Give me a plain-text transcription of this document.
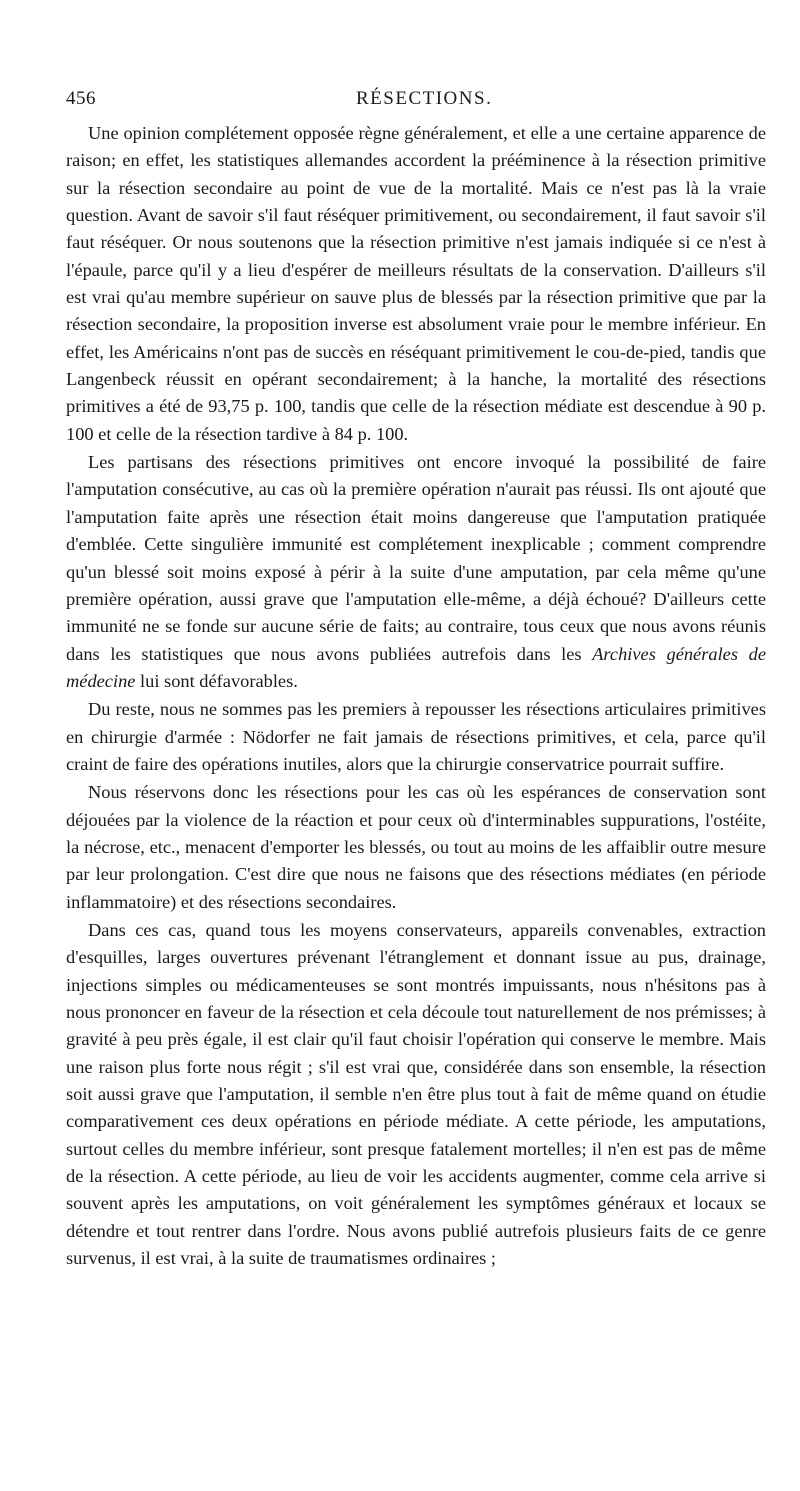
456	RÉSECTIONS.

Une opinion complétement opposée règne généralement, et elle a une certaine apparence de raison; en effet, les statistiques allemandes accordent la prééminence à la résection primitive sur la résection secondaire au point de vue de la mortalité. Mais ce n'est pas là la vraie question. Avant de savoir s'il faut réséquer primitivement, ou secondairement, il faut savoir s'il faut réséquer. Or nous soutenons que la résection primitive n'est jamais indiquée si ce n'est à l'épaule, parce qu'il y a lieu d'espérer de meilleurs résultats de la conservation. D'ailleurs s'il est vrai qu'au membre supérieur on sauve plus de blessés par la résection primitive que par la résection secondaire, la proposition inverse est absolument vraie pour le membre inférieur. En effet, les Américains n'ont pas de succès en réséquant primitivement le cou-de-pied, tandis que Langenbeck réussit en opérant secondairement; à la hanche, la mortalité des résections primitives a été de 93,75 p. 100, tandis que celle de la résection médiate est descendue à 90 p. 100 et celle de la résection tardive à 84 p. 100.

Les partisans des résections primitives ont encore invoqué la possibilité de faire l'amputation consécutive, au cas où la première opération n'aurait pas réussi. Ils ont ajouté que l'amputation faite après une résection était moins dangereuse que l'amputation pratiquée d'emblée. Cette singulière immunité est complétement inexplicable ; comment comprendre qu'un blessé soit moins exposé à périr à la suite d'une amputation, par cela même qu'une première opération, aussi grave que l'amputation elle-même, a déjà échoué? D'ailleurs cette immunité ne se fonde sur aucune série de faits; au contraire, tous ceux que nous avons réunis dans les statistiques que nous avons publiées autrefois dans les Archives générales de médecine lui sont défavorables.

Du reste, nous ne sommes pas les premiers à repousser les résections articulaires primitives en chirurgie d'armée : Nödorfer ne fait jamais de résections primitives, et cela, parce qu'il craint de faire des opérations inutiles, alors que la chirurgie conservatrice pourrait suffire.

Nous réservons donc les résections pour les cas où les espérances de conservation sont déjouées par la violence de la réaction et pour ceux où d'interminables suppurations, l'ostéite, la nécrose, etc., menacent d'emporter les blessés, ou tout au moins de les affaiblir outre mesure par leur prolongation. C'est dire que nous ne faisons que des résections médiates (en période inflammatoire) et des résections secondaires.

Dans ces cas, quand tous les moyens conservateurs, appareils convenables, extraction d'esquilles, larges ouvertures prévenant l'étranglement et donnant issue au pus, drainage, injections simples ou médicamenteuses se sont montrés impuissants, nous n'hésitons pas à nous prononcer en faveur de la résection et cela découle tout naturellement de nos prémisses; à gravité à peu près égale, il est clair qu'il faut choisir l'opération qui conserve le membre. Mais une raison plus forte nous régit ; s'il est vrai que, considérée dans son ensemble, la résection soit aussi grave que l'amputation, il semble n'en être plus tout à fait de même quand on étudie comparativement ces deux opérations en période médiate. A cette période, les amputations, surtout celles du membre inférieur, sont presque fatalement mortelles; il n'en est pas de même de la résection. A cette période, au lieu de voir les accidents augmenter, comme cela arrive si souvent après les amputations, on voit généralement les symptômes généraux et locaux se détendre et tout rentrer dans l'ordre. Nous avons publié autrefois plusieurs faits de ce genre survenus, il est vrai, à la suite de traumatismes ordinaires ;
